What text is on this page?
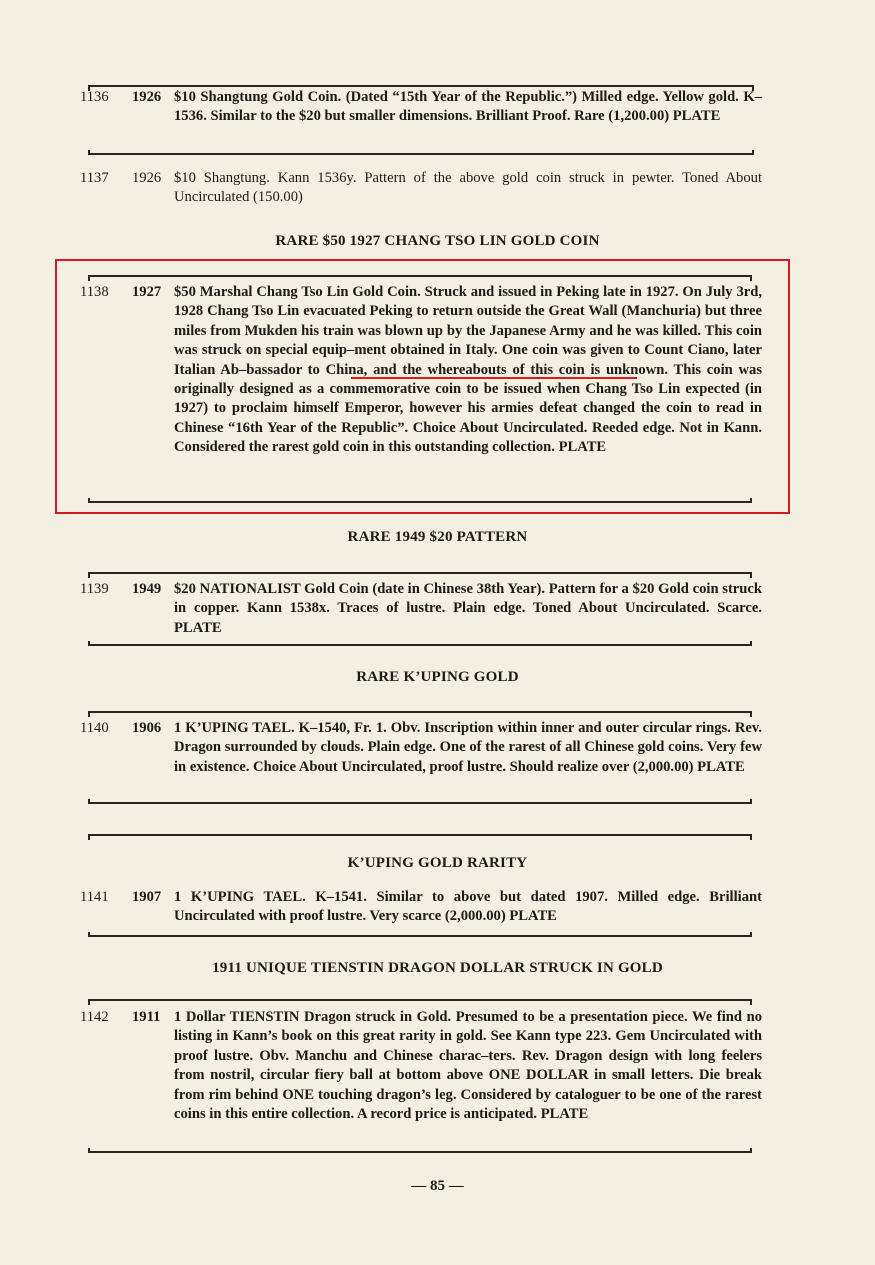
1136	1926 $10 Shangtung Gold Coin. (Dated “15th Year of the Republic.”) Milled edge. Yellow gold. K–1536. Similar to the $20 but smaller dimensions. Brilliant Proof. Rare (1,200.00) PLATE
1137	1926 $10 Shangtung. Kann 1536y. Pattern of the above gold coin struck in pewter. Toned About Uncirculated (150.00)
RARE $50 1927 CHANG TSO LIN GOLD COIN
1138	1927 $50 Marshal Chang Tso Lin Gold Coin. Struck and issued in Peking late in 1927. On July 3rd, 1928 Chang Tso Lin evacuated Peking to return outside the Great Wall (Manchuria) but three miles from Mukden his train was blown up by the Japanese Army and he was killed. This coin was struck on special equip–ment obtained in Italy. One coin was given to Count Ciano, later Italian Ab–bassador to China, and the whereabouts of this coin is unknown. This coin was originally designed as a commemorative coin to be issued when Chang Tso Lin expected (in 1927) to proclaim himself Emperor, however his armies defeat changed the coin to read in Chinese “16th Year of the Republic”. Choice About Uncirculated. Reeded edge. Not in Kann. Considered the rarest gold coin in this outstanding collection. PLATE
RARE 1949 $20 PATTERN
1139	1949 $20 NATIONALIST Gold Coin (date in Chinese 38th Year). Pattern for a $20 Gold coin struck in copper. Kann 1538x. Traces of lustre. Plain edge. Toned About Uncirculated. Scarce. PLATE
RARE K’UPING GOLD
1140	1906 1 K’UPING TAEL. K–1540, Fr. 1. Obv. Inscription within inner and outer circular rings. Rev. Dragon surrounded by clouds. Plain edge. One of the rarest of all Chinese gold coins. Very few in existence. Choice About Uncirculated, proof lustre. Should realize over (2,000.00) PLATE
K’UPING GOLD RARITY
1141	1907 1 K’UPING TAEL. K–1541. Similar to above but dated 1907. Milled edge. Brilliant Uncirculated with proof lustre. Very scarce (2,000.00) PLATE
1911 UNIQUE TIENSTIN DRAGON DOLLAR STRUCK IN GOLD
1142	1911 1 Dollar TIENSTIN Dragon struck in Gold. Presumed to be a presentation piece. We find no listing in Kann’s book on this great rarity in gold. See Kann type 223. Gem Uncirculated with proof lustre. Obv. Manchu and Chinese charac–ters. Rev. Dragon design with long feelers from nostril, circular fiery ball at bottom above ONE DOLLAR in small letters. Die break from rim behind ONE touching dragon’s leg. Considered by cataloguer to be one of the rarest coins in this entire collection. A record price is anticipated. PLATE
— 85 —
